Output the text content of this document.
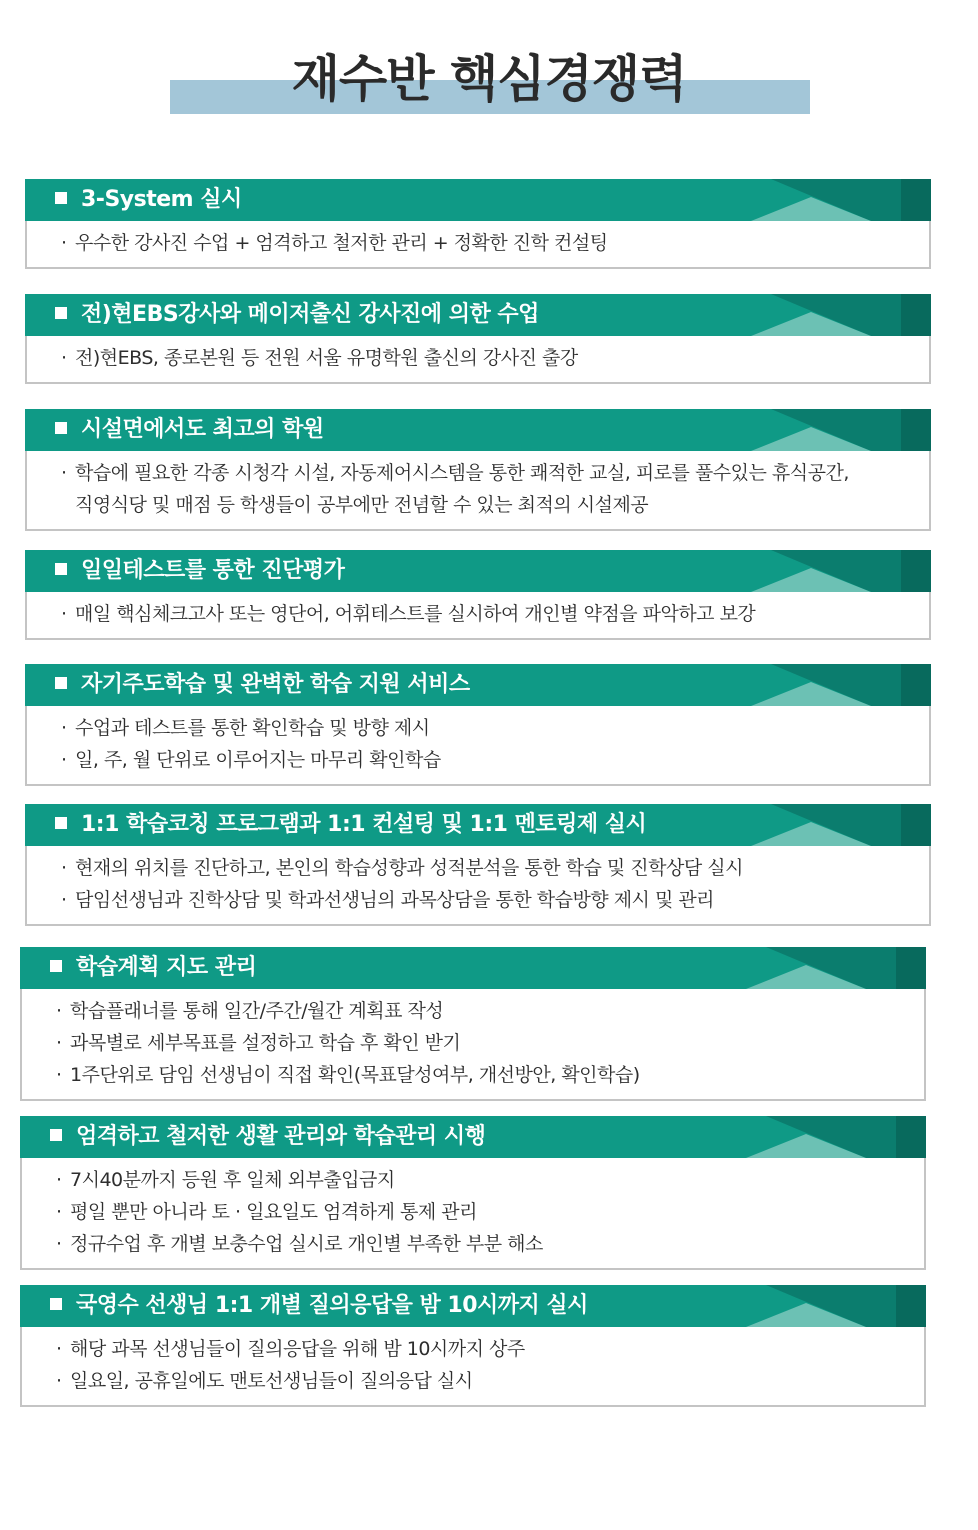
재수반 핵심경쟁력
3-System 실시
· 우수한 강사진 수업 + 엄격하고 철저한 관리 + 정확한 진학 컨설팅
전)현EBS강사와 메이저출신 강사진에 의한 수업
· 전)현EBS, 종로본원 등 전원 서울 유명학원 출신의 강사진 출강
시설면에서도 최고의 학원
· 학습에 필요한 각종 시청각 시설, 자동제어시스템을 통한 쾌적한 교실, 피로를 풀수있는 휴식공간,
직영식당 및 매점 등 학생들이 공부에만 전념할 수 있는 최적의 시설제공
일일테스트를 통한 진단평가
· 매일 핵심체크고사 또는 영단어, 어휘테스트를 실시하여 개인별 약점을 파악하고 보강
자기주도학습 및 완벽한 학습 지원 서비스
· 수업과 테스트를 통한 확인학습 및 방향 제시
· 일, 주, 월 단위로 이루어지는 마무리 확인학습
1:1 학습코칭 프로그램과 1:1 컨설팅 및 1:1 멘토링제 실시
· 현재의 위치를 진단하고, 본인의 학습성향과 성적분석을 통한 학습 및 진학상담 실시
· 담임선생님과 진학상담 및 학과선생님의 과목상담을 통한 학습방향 제시 및 관리
학습계획 지도 관리
· 학습플래너를 통해 일간/주간/월간 계획표 작성
· 과목별로 세부목표를 설정하고 학습 후 확인 받기
· 1주단위로 담임 선생님이 직접 확인(목표달성여부, 개선방안, 확인학습)
엄격하고 철저한 생활 관리와 학습관리 시행
· 7시40분까지 등원 후 일체 외부출입금지
· 평일 뿐만 아니라 토 · 일요일도 엄격하게 통제 관리
· 정규수업 후 개별 보충수업 실시로 개인별 부족한 부분 해소
국영수 선생님 1:1 개별 질의응답을 밤 10시까지 실시
· 해당 과목 선생님들이 질의응답을 위해 밤 10시까지 상주
· 일요일, 공휴일에도 맨토선생님들이 질의응답 실시
